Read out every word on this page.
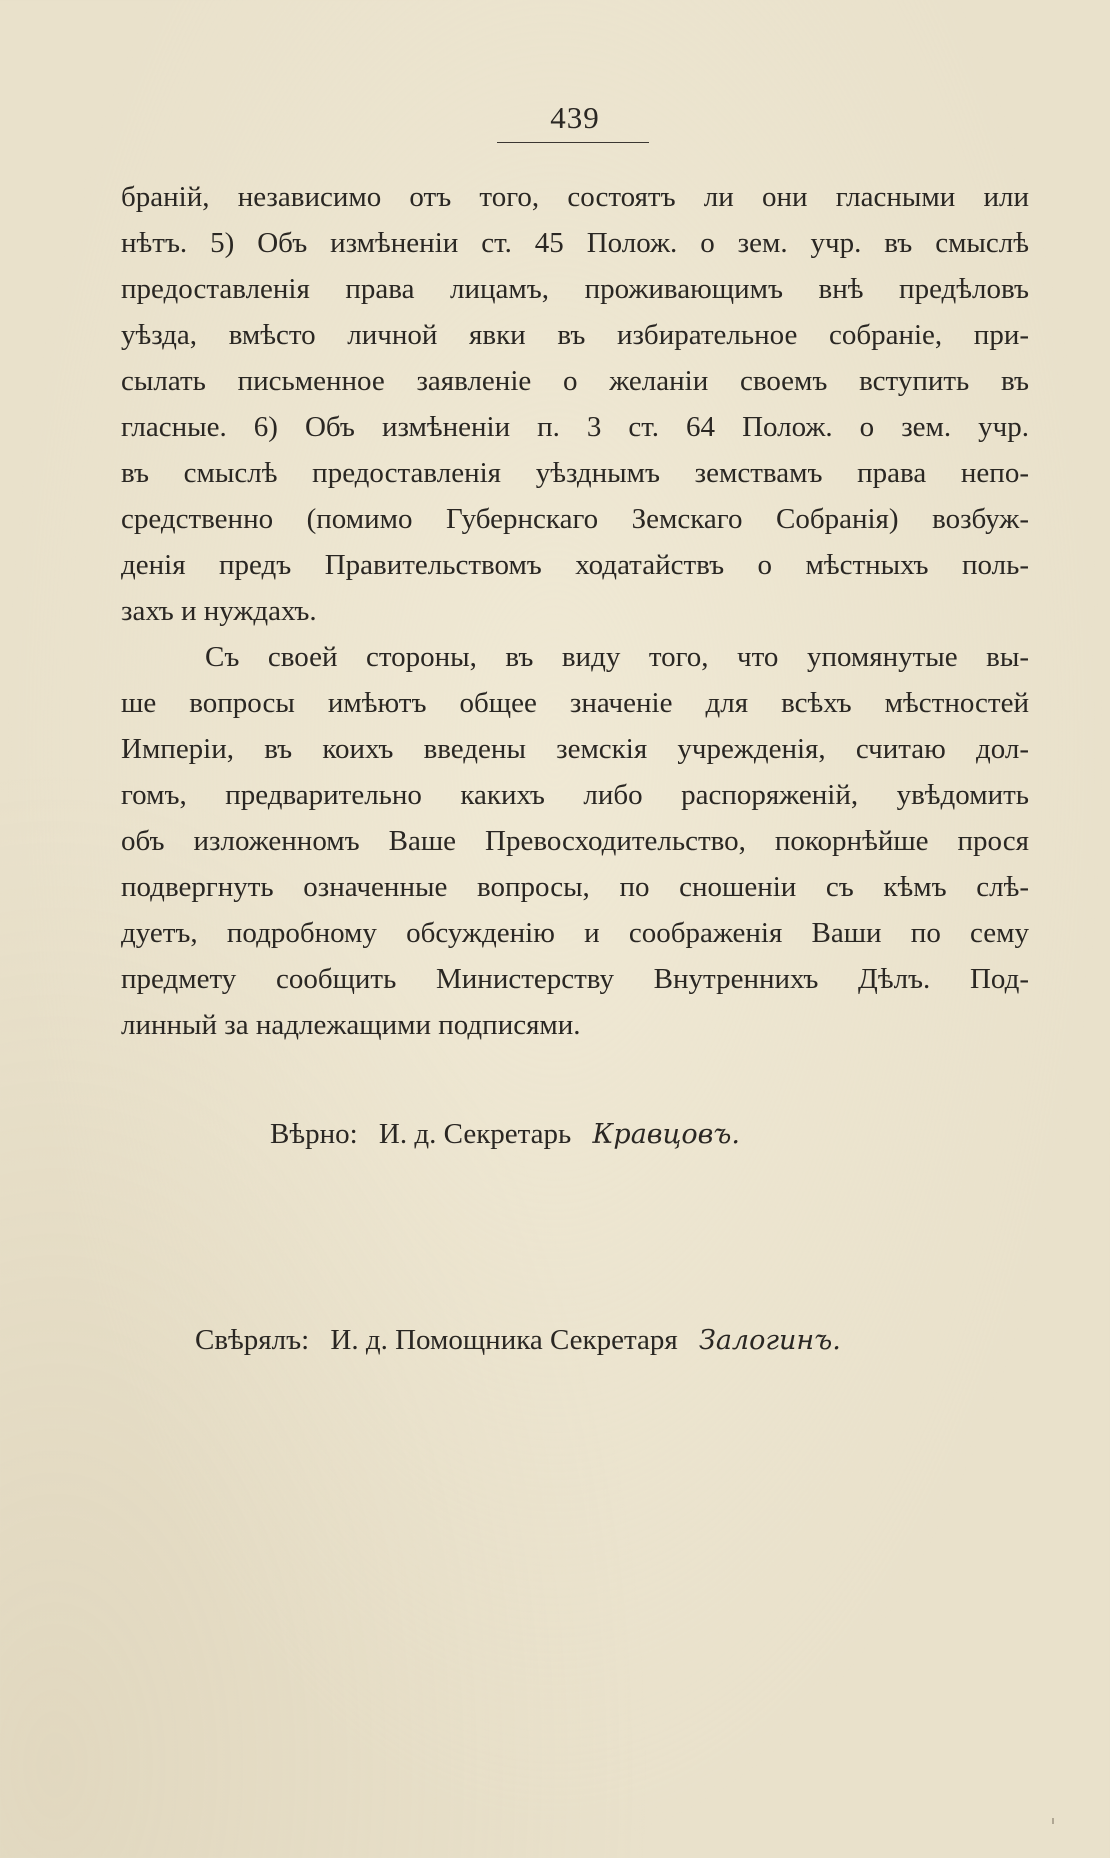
439
браній, независимо отъ того, состоятъ ли они гласными или
нѣтъ. 5) Объ измѣненіи ст. 45 Полож. о зем. учр. въ смыслѣ
предоставленія права лицамъ, проживающимъ внѣ предѣловъ
уѣзда, вмѣсто личной явки въ избирательное собраніе, при-
сылать письменное заявленіе о желаніи своемъ вступить въ
гласные. 6) Объ измѣненіи п. 3 ст. 64 Полож. о зем. учр.
въ смыслѣ предоставленія уѣзднымъ земствамъ права непо-
средственно (помимо Губернскаго Земскаго Собранія) возбуж-
денія предъ Правительствомъ ходатайствъ о мѣстныхъ поль-
захъ и нуждахъ.
Съ своей стороны, въ виду того, что упомянутые вы-
ше вопросы имѣютъ общее значеніе для всѣхъ мѣстностей
Имперіи, въ коихъ введены земскія учрежденія, считаю дол-
гомъ, предварительно какихъ либо распоряженій, увѣдомить
объ изложенномъ Ваше Превосходительство, покорнѣйше прося
подвергнуть означенные вопросы, по сношеніи съ кѣмъ слѣ-
дуетъ, подробному обсужденію и соображенія Ваши по сему
предмету сообщить Министерству Внутреннихъ Дѣлъ. Под-
линный за надлежащими подписями.
Вѣрно: И. д. Секретарь Кравцовъ.
Свѣрялъ: И. д. Помощника Секретаря Залогинъ.
